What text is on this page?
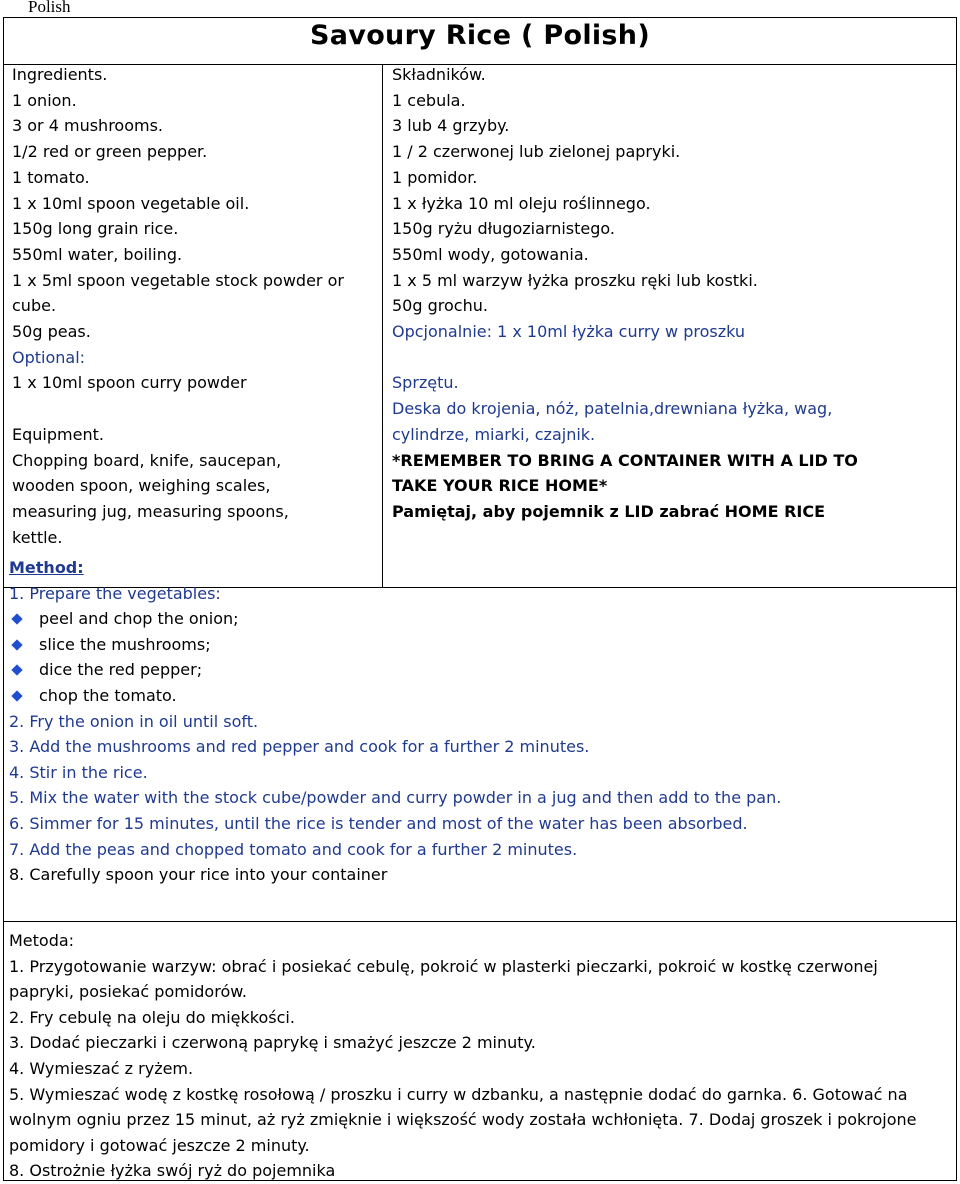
Polish
Savoury Rice ( Polish)
Ingredients.
1 onion.
3 or 4 mushrooms.
1/2 red or green pepper.
1 tomato.
1 x 10ml spoon vegetable oil.
150g long grain rice.
550ml water, boiling.
1 x 5ml spoon vegetable stock powder or
cube.
50g peas.
Optional:
1 x 10ml spoon curry powder

Equipment.
Chopping board, knife, saucepan,
wooden spoon, weighing scales,
measuring jug, measuring spoons,
kettle.
Składników.
1 cebula.
3 lub 4 grzyby.
1 / 2 czerwonej lub zielonej papryki.
1 pomidor.
1 x łyżka 10 ml oleju roślinnego.
150g ryżu długoziarnistego.
550ml wody, gotowania.
1 x 5 ml warzyw łyżka proszku ręki lub kostki.
50g grochu.
Opcjonalnie: 1 x 10ml łyżka curry w proszku

Sprzętu.
Deska do krojenia, nóż, patelnia,drewniana łyżka, wag,
cylindrze, miarki, czajnik.
*REMEMBER TO BRING A CONTAINER WITH A LID TO
TAKE YOUR RICE HOME*
Pamiętaj, aby pojemnik z LID zabrać HOME RICE
Method:
1. Prepare the vegetables:
peel and chop the onion;
slice the mushrooms;
dice the red pepper;
chop the tomato.
2. Fry the onion in oil until soft.
3. Add the mushrooms and red pepper and cook for a further 2 minutes.
4. Stir in the rice.
5. Mix the water with the stock cube/powder and curry powder in a jug and then add to the pan.
6. Simmer for 15 minutes, until the rice is tender and most of the water has been absorbed.
7. Add the peas and chopped tomato and cook for a further 2 minutes.
8. Carefully spoon your rice into your container
Metoda:
1. Przygotowanie warzyw: obrać i posiekać cebulę, pokroić w plasterki pieczarki, pokroić w kostkę czerwonej papryki, posiekać pomidorów.
2. Fry cebulę na oleju do miękkości.
3. Dodać pieczarki i czerwoną paprykę i smażyć jeszcze 2 minuty.
4. Wymieszać z ryżem.
5. Wymieszać wodę z kostkę rosołową / proszku i curry w dzbanku, a następnie dodać do garnka. 6. Gotować na wolnym ogniu przez 15 minut, aż ryż zmięknie i większość wody została wchłonięta. 7. Dodaj groszek i pokrojone pomidory i gotować jeszcze 2 minuty.
8. Ostrożnie łyżka swój ryż do pojemnika
